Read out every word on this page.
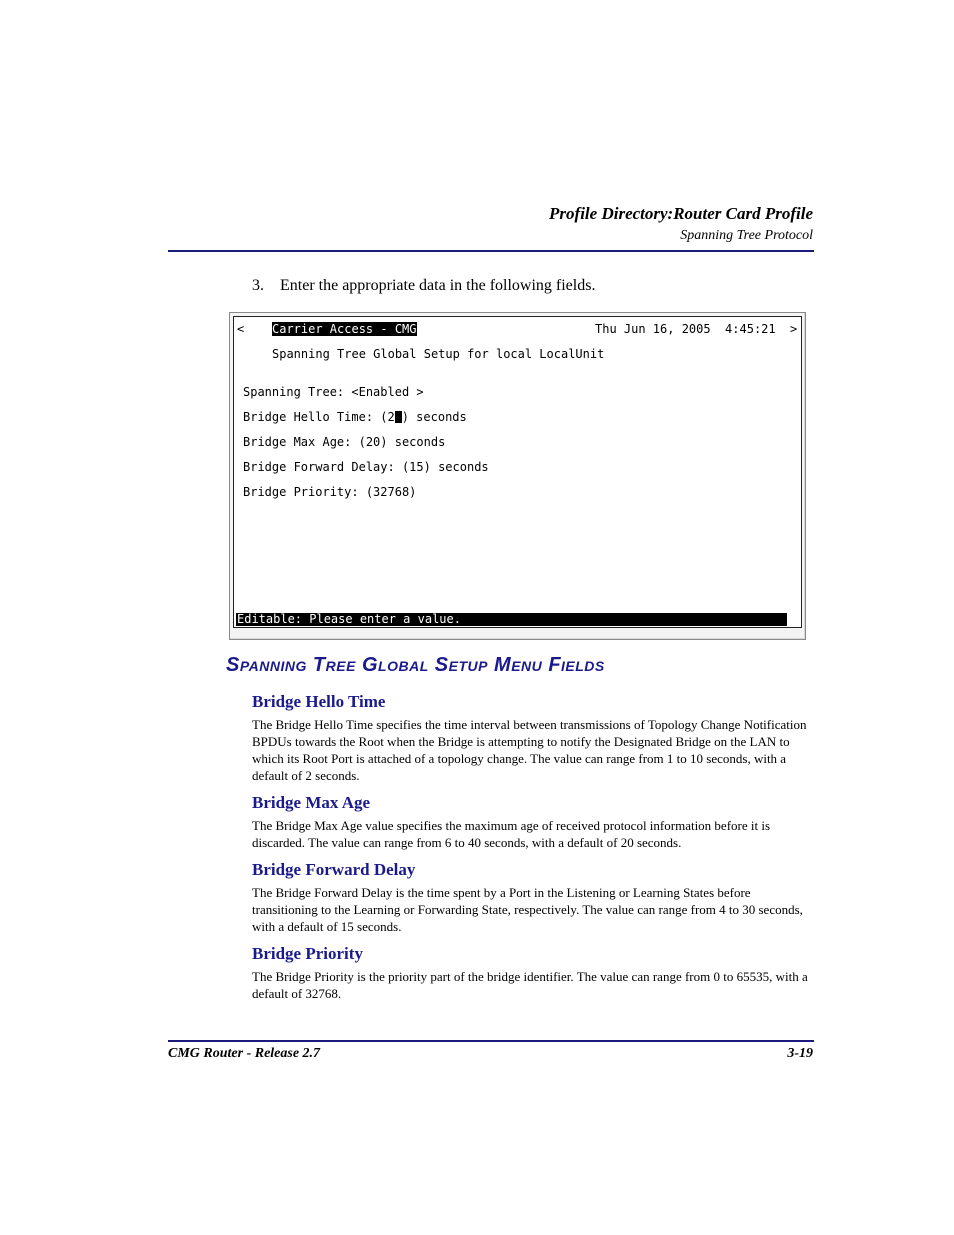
Profile Directory:Router Card Profile
Spanning Tree Protocol
3. Enter the appropriate data in the following fields.
< Carrier Access - CMG	Thu Jun 16, 2005  4:45:21 >
Spanning Tree Global Setup for local LocalUnit
Spanning Tree: <Enabled >
Bridge Hello Time: (2 ) seconds
Bridge Max Age: (20) seconds
Bridge Forward Delay: (15) seconds
Bridge Priority: (32768)
Editable: Please enter a value.
Spanning Tree Global Setup Menu Fields
Bridge Hello Time

The Bridge Hello Time specifies the time interval between transmissions of Topology Change Notification BPDUs towards the Root when the Bridge is attempting to notify the Designated Bridge on the LAN to which its Root Port is attached of a topology change. The value can range from 1 to 10 seconds, with a default of 2 seconds.

Bridge Max Age

The Bridge Max Age value specifies the maximum age of received protocol information before it is discarded. The value can range from 6 to 40 seconds, with a default of 20 seconds.

Bridge Forward Delay

The Bridge Forward Delay is the time spent by a Port in the Listening or Learning States before transitioning to the Learning or Forwarding State, respectively. The value can range from 4 to 30 seconds, with a default of 15 seconds.

Bridge Priority

The Bridge Priority is the priority part of the bridge identifier. The value can range from 0 to 65535, with a default of 32768.

CMG Router - Release 2.7	3-19
